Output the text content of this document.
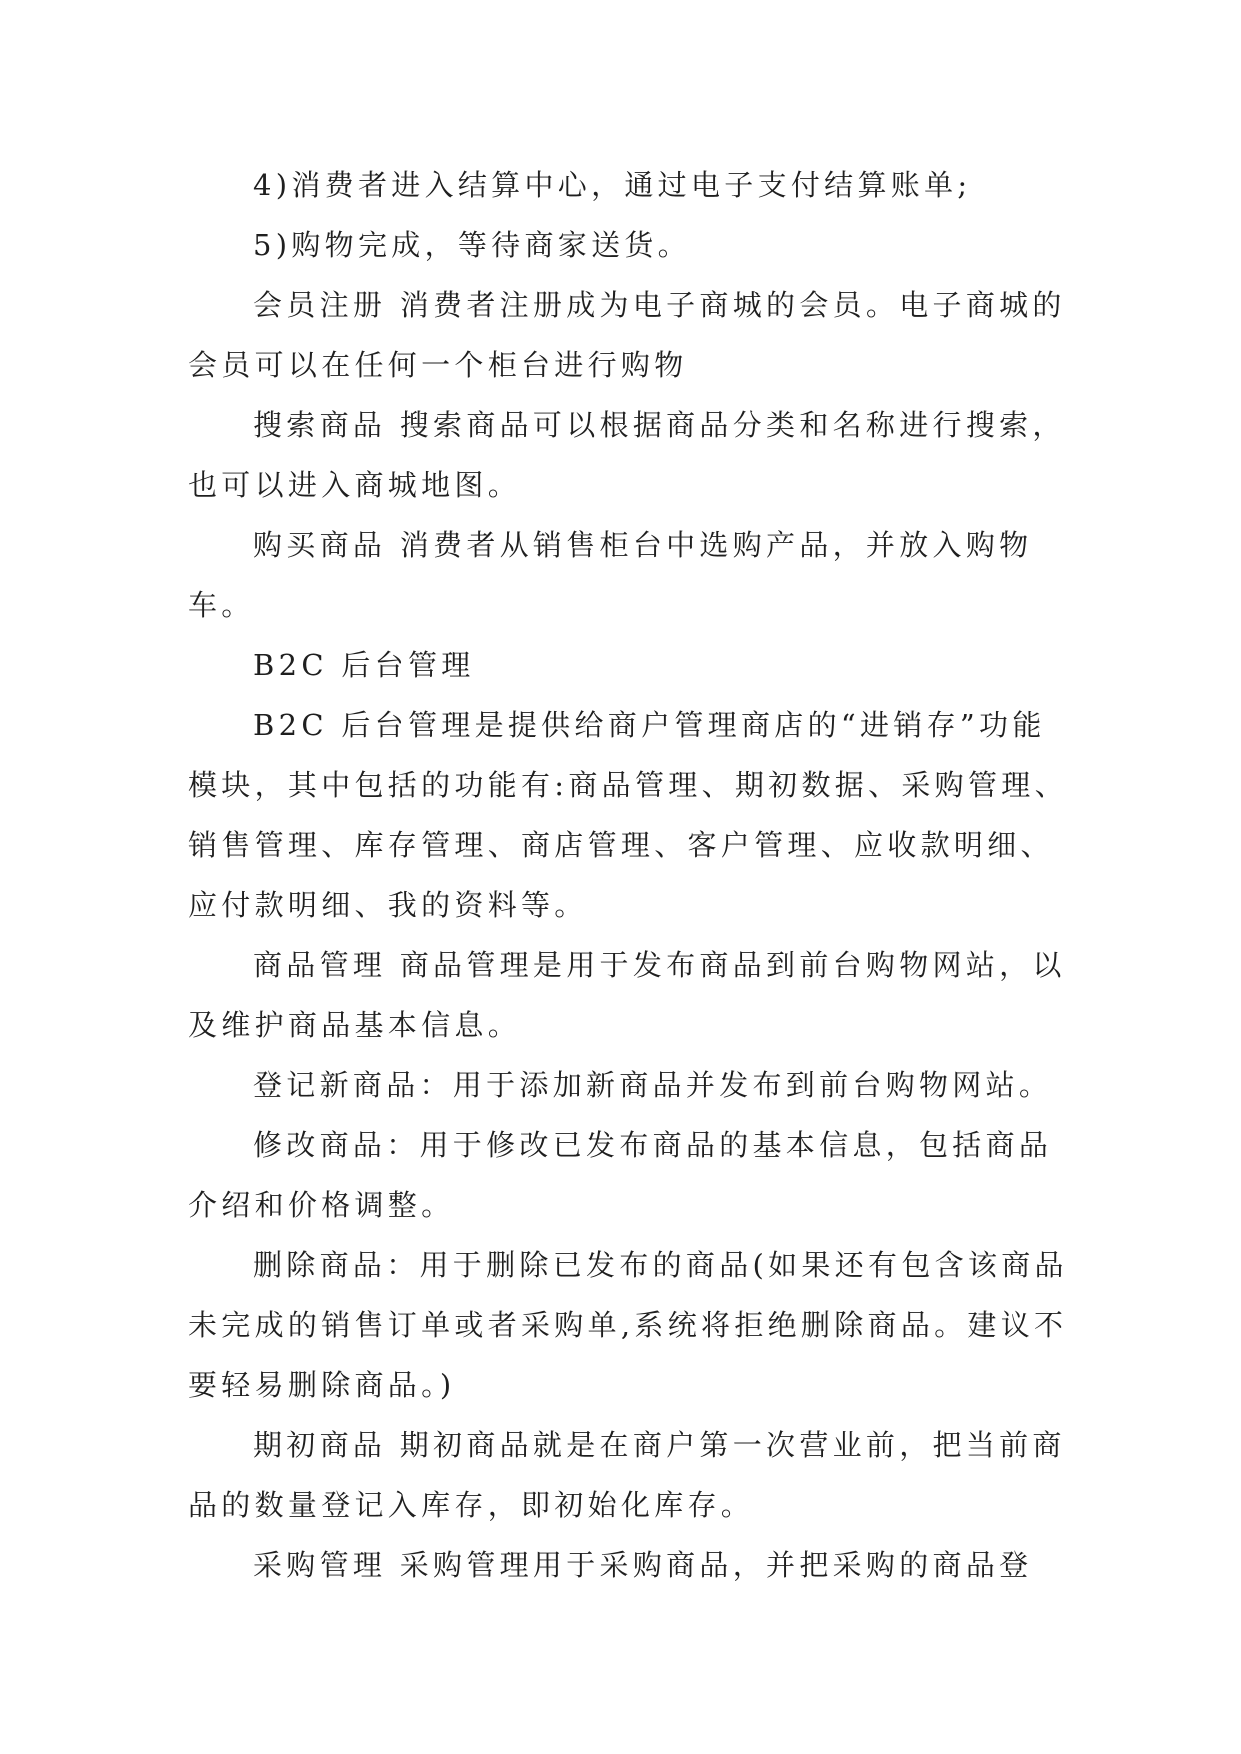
4)消费者进入结算中心，通过电子支付结算账单;

5)购物完成，等待商家送货。

会员注册 消费者注册成为电子商城的会员。电子商城的会员可以在任何一个柜台进行购物

搜索商品 搜索商品可以根据商品分类和名称进行搜索，也可以进入商城地图。

购买商品 消费者从销售柜台中选购产品，并放入购物车。

B2C 后台管理

B2C 后台管理是提供给商户管理商店的“进销存”功能模块，其中包括的功能有:商品管理、期初数据、采购管理、销售管理、库存管理、商店管理、客户管理、应收款明细、应付款明细、我的资料等。

商品管理 商品管理是用于发布商品到前台购物网站，以及维护商品基本信息。

登记新商品：用于添加新商品并发布到前台购物网站。

修改商品：用于修改已发布商品的基本信息，包括商品介绍和价格调整。

删除商品：用于删除已发布的商品(如果还有包含该商品未完成的销售订单或者采购单,系统将拒绝删除商品。建议不要轻易删除商品。)

期初商品 期初商品就是在商户第一次营业前，把当前商品的数量登记入库存，即初始化库存。

采购管理 采购管理用于采购商品，并把采购的商品登
